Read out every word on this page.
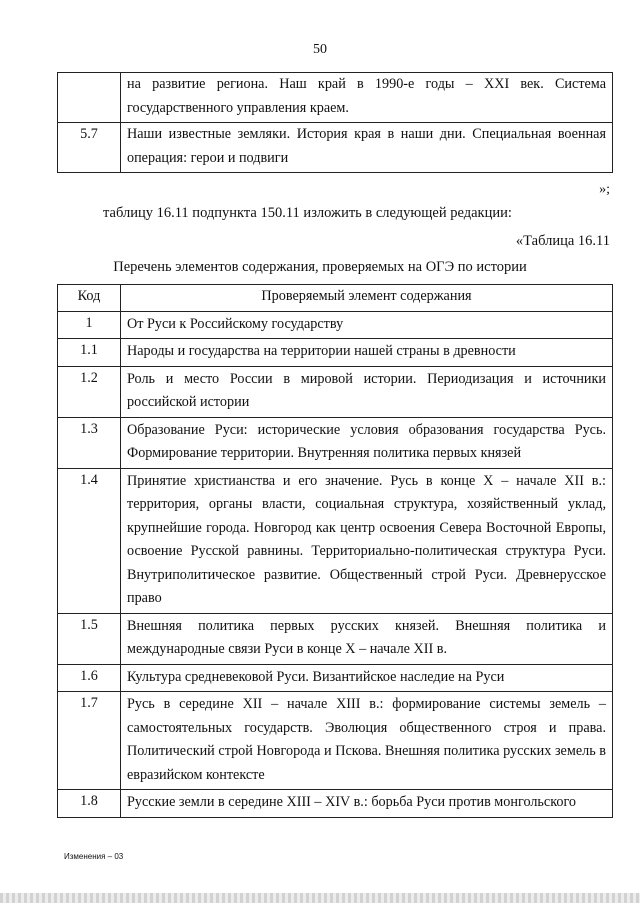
50
	на развитие региона. Наш край в 1990-е годы – XXI век. Система государственного управления краем.
5.7	Наши известные земляки. История края в наши дни. Специальная военная операция: герои и подвиги
»;
таблицу 16.11 подпункта 150.11 изложить в следующей редакции:
«Таблица 16.11
Перечень элементов содержания, проверяемых на ОГЭ по истории
Код	Проверяемый элемент содержания
1	От Руси к Российскому государству
1.1	Народы и государства на территории нашей страны в древности
1.2	Роль и место России в мировой истории. Периодизация и источники российской истории
1.3	Образование Руси: исторические условия образования государства Русь. Формирование территории. Внутренняя политика первых князей
1.4	Принятие христианства и его значение. Русь в конце X – начале XII в.: территория, органы власти, социальная структура, хозяйственный уклад, крупнейшие города. Новгород как центр освоения Севера Восточной Европы, освоение Русской равнины. Территориально-политическая структура Руси. Внутриполитическое развитие. Общественный строй Руси. Древнерусское право
1.5	Внешняя политика первых русских князей. Внешняя политика и международные связи Руси в конце X – начале XII в.
1.6	Культура средневековой Руси. Византийское наследие на Руси
1.7	Русь в середине XII – начале XIII в.: формирование системы земель – самостоятельных государств. Эволюция общественного строя и права. Политический строй Новгорода и Пскова. Внешняя политика русских земель в евразийском контексте
1.8	Русские земли в середине XIII – XIV в.: борьба Руси против монгольского
Изменения – 03
